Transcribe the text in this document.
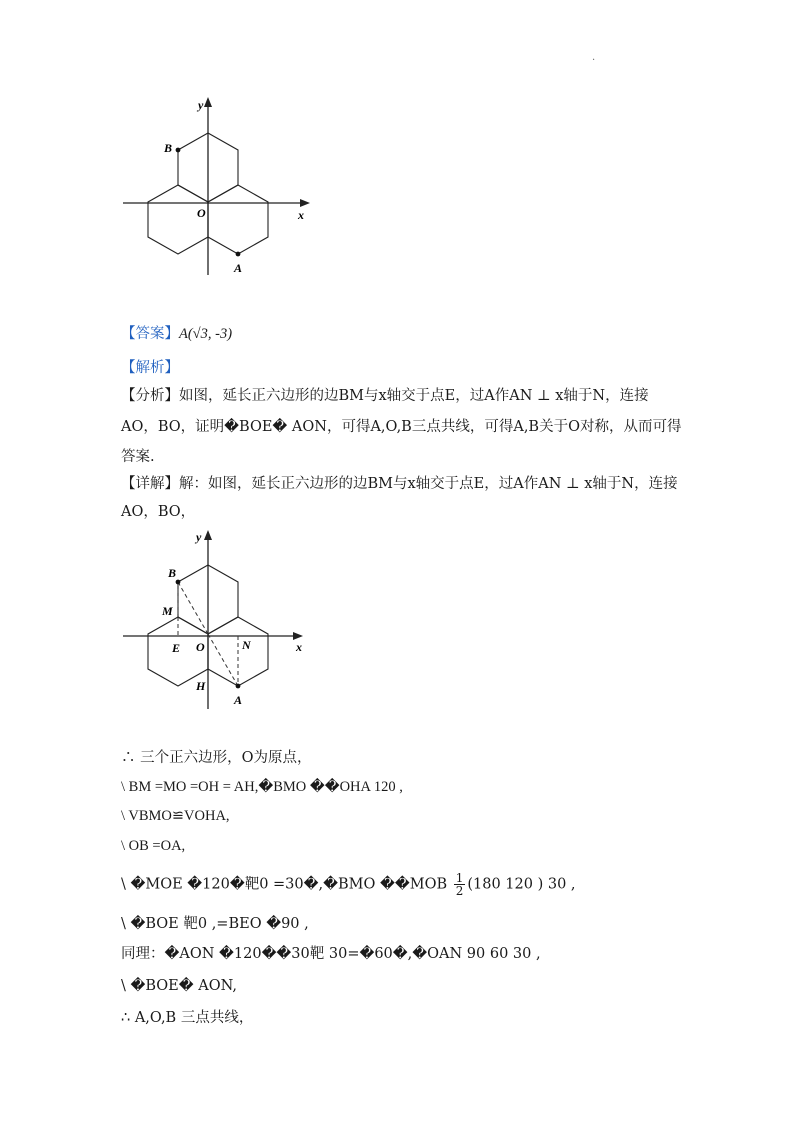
.
y
x
O
B
A
【答案】A(√3, -3)
【解析】
【分析】如图，延长正六边形的边BM与x轴交于点E，过A作AN ⊥ x轴于N，连接
AO，BO，证明�BOE� AON，可得A,O,B三点共线，可得A,B关于O对称，从而可得
答案.
【详解】解：如图，延长正六边形的边BM与x轴交于点E，过A作AN ⊥ x轴于N，连接
AO，BO，
y
x
O
B
M
E	N
H
A
∴ 三个正六边形，O为原点，
\ BM =MO =OH = AH,�BMO ��OHA 120 ,
\ VBMO≌VOHA,
\ OB =OA,
\ �MOE �120�靶0 =30�,�BMO ��MOB $\frac{1}{2} (180$ 120 ) 30 ,
\ �BOE 靶0 ,=BEO �90 ,
同理：�AON �120��30靶 30=�60�,�OAN 90 60 30 ,
\ �BOE� AON,
∴ A,O,B 三点共线，
